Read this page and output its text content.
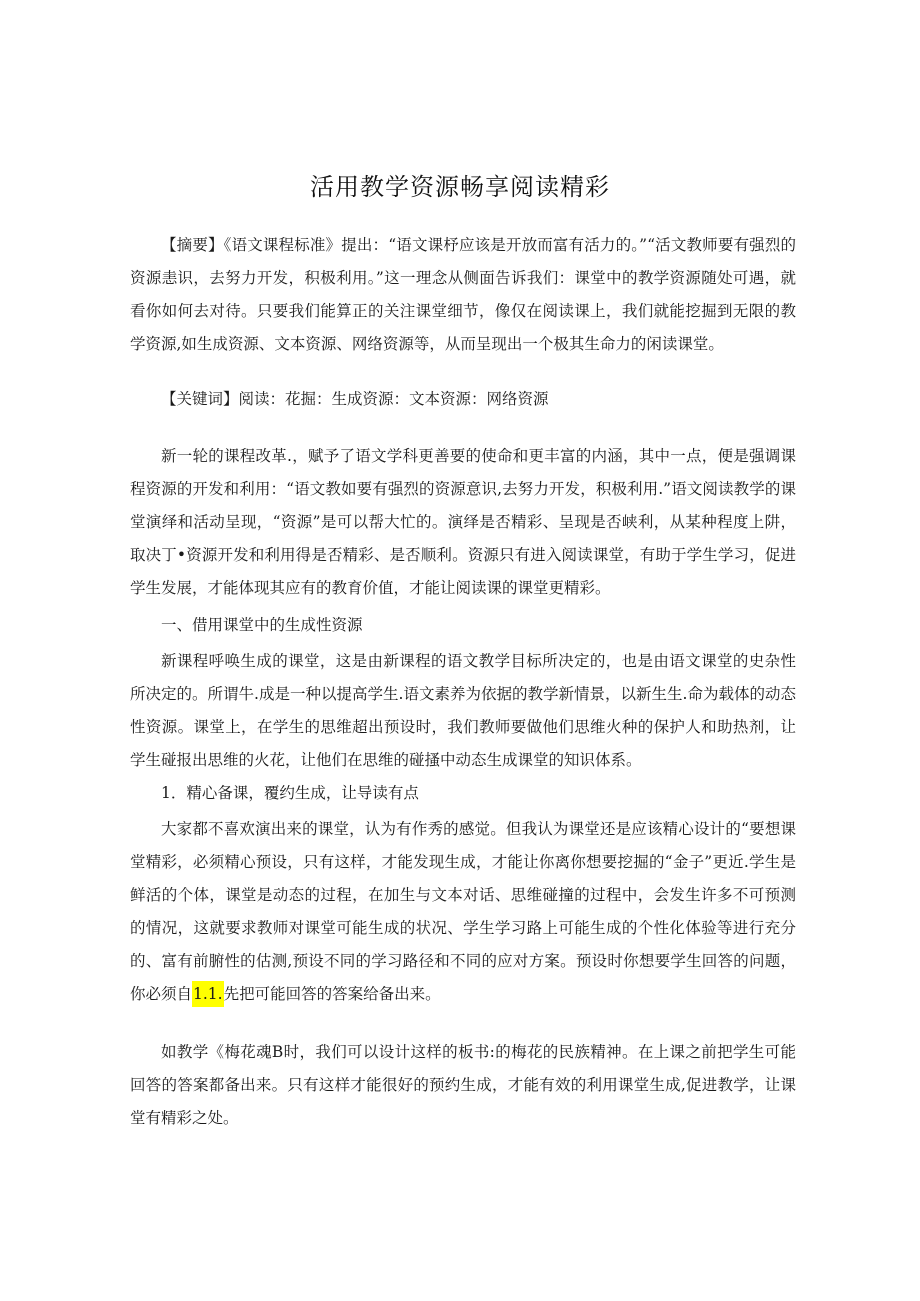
活用教学资源畅享阅读精彩

【摘要】《语文课程标准》提出：“语文课杼应该是开放而富有活力的。”“活文教师要有强烈的资源恚识，去努力开发，积极利用。”这一理念从侧面告诉我们：课堂中的教学资源随处可遇，就看你如何去对待。只要我们能算正的关注课堂细节，像仅在阅读课上，我们就能挖掘到无限的教学资源,如生成资源、文本资源、网络资源等，从而呈现出一个极其生命力的闲读课堂。

【关键词】阅读：花掘：生成资源：文本资源：网络资源

新一轮的课程改革.，赋予了语文学科更善要的使命和更丰富的内涵，其中一点，便是强调课程资源的开发和利用：“语文教如要有强烈的资源意识,去努力开发，积极利用.”语文阅读教学的课堂演绎和活动呈现，“资源”是可以帮大忙的。演绎是否精彩、呈现是否峡利，从某种程度上阱，取决丁•资源开发和利用得是否精彩、是否顺利。资源只有进入阅读课堂，有助于学生学习，促进学生发展，才能体现其应有的教育价值，才能让阅读课的课堂更精彩。

一、借用课堂中的生成性资源

新课程呼唤生成的课堂，这是由新课程的语文教学目标所决定的，也是由语文课堂的史杂性所决定的。所谓牛.成是一种以提高学生.语文素养为依据的教学新情景，以新生生.命为载体的动态性资源。课堂上，在学生的思维超出预设时，我们教师要做他们思维火种的保护人和助热剂，让学生碰报出思维的火花，让他们在思维的碰搔中动态生成课堂的知识体系。

1．精心备课，覆约生成，让导读有点

大家都不喜欢演出来的课堂，认为有作秀的感觉。但我认为课堂还是应该精心设计的“要想课堂精彩，必须精心预设，只有这样，才能发现生成，才能让你离你想要挖掘的“金子”更近.学生是鲜活的个体，课堂是动态的过程，在加生与文本对话、思维碰撞的过程中，会发生许多不可预测的情况，这就要求教师对课堂可能生成的状况、学生学习路上可能生成的个性化体验等进行充分的、富有前腑性的估测,预设不同的学习路径和不同的应对方案。预设时你想要学生回答的问题，你必须自1.1.先把可能回答的答案给备出来。

如教学《梅花魂B时，我们可以设计这样的板书:的梅花的民族精神。在上课之前把学生可能回答的答案都备出来。只有这样才能很好的预约生成，才能有效的利用课堂生成,促进教学，让课堂有精彩之处。
